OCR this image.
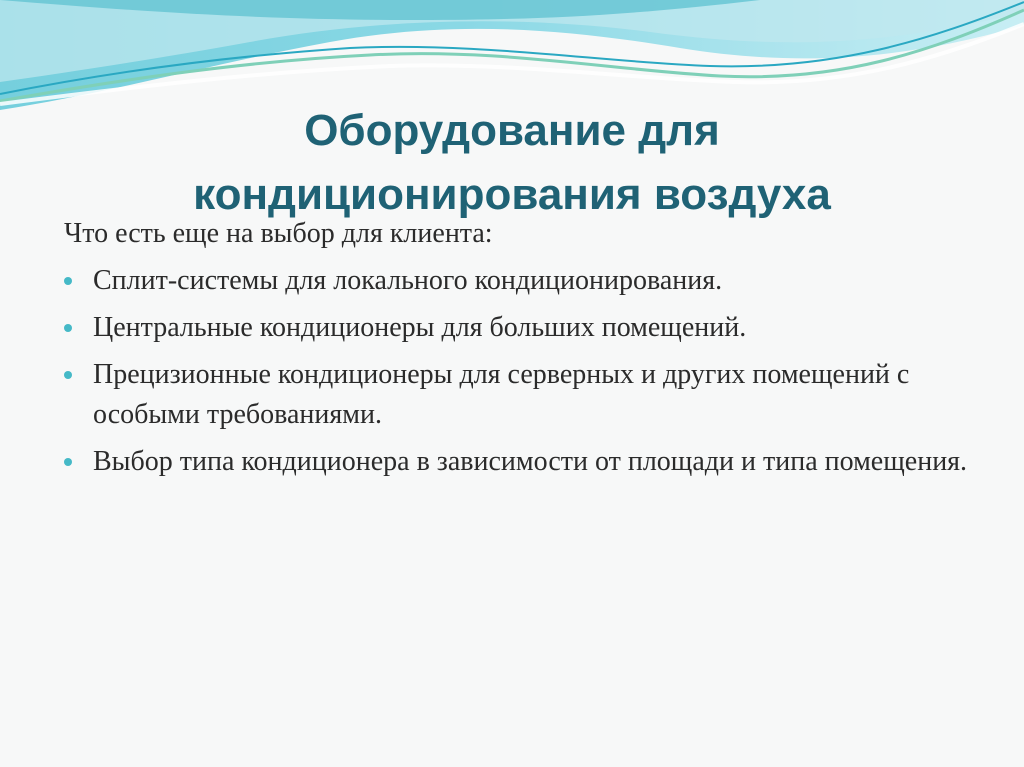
Оборудование для
кондиционирования воздуха

Что есть еще на выбор для клиента:

Сплит-системы для локального кондиционирования.
Центральные кондиционеры для больших помещений.
Прецизионные кондиционеры для серверных и других помещений с особыми требованиями.
Выбор типа кондиционера в зависимости от площади и типа помещения.
